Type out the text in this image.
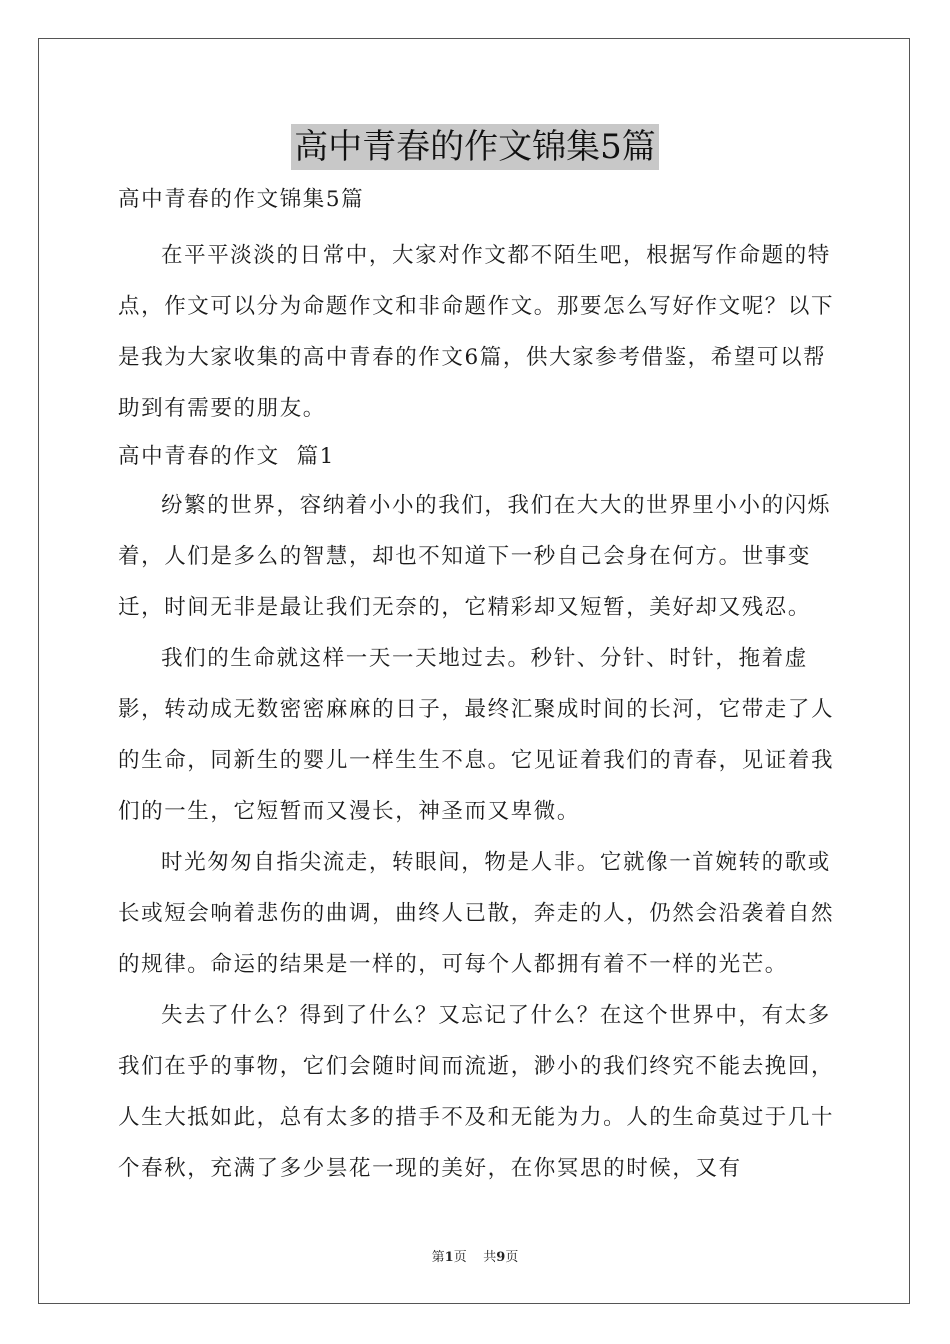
高中青春的作文锦集5篇

高中青春的作文锦集5篇

在平平淡淡的日常中，大家对作文都不陌生吧，根据写作命题的特点，作文可以分为命题作文和非命题作文。那要怎么写好作文呢？以下是我为大家收集的高中青春的作文6篇，供大家参考借鉴，希望可以帮助到有需要的朋友。

高中青春的作文  篇1

纷繁的世界，容纳着小小的我们，我们在大大的世界里小小的闪烁着，人们是多么的智慧，却也不知道下一秒自己会身在何方。世事变迁，时间无非是最让我们无奈的，它精彩却又短暂，美好却又残忍。

我们的生命就这样一天一天地过去。秒针、分针、时针，拖着虚影，转动成无数密密麻麻的日子，最终汇聚成时间的长河，它带走了人的生命，同新生的婴儿一样生生不息。它见证着我们的青春，见证着我们的一生，它短暂而又漫长，神圣而又卑微。

时光匆匆自指尖流走，转眼间，物是人非。它就像一首婉转的歌或长或短会响着悲伤的曲调，曲终人已散，奔走的人，仍然会沿袭着自然的规律。命运的结果是一样的，可每个人都拥有着不一样的光芒。

失去了什么？得到了什么？又忘记了什么？在这个世界中，有太多我们在乎的事物，它们会随时间而流逝，渺小的我们终究不能去挽回，人生大抵如此，总有太多的措手不及和无能为力。人的生命莫过于几十个春秋，充满了多少昙花一现的美好，在你冥思的时候，又有

第1页 共9页
